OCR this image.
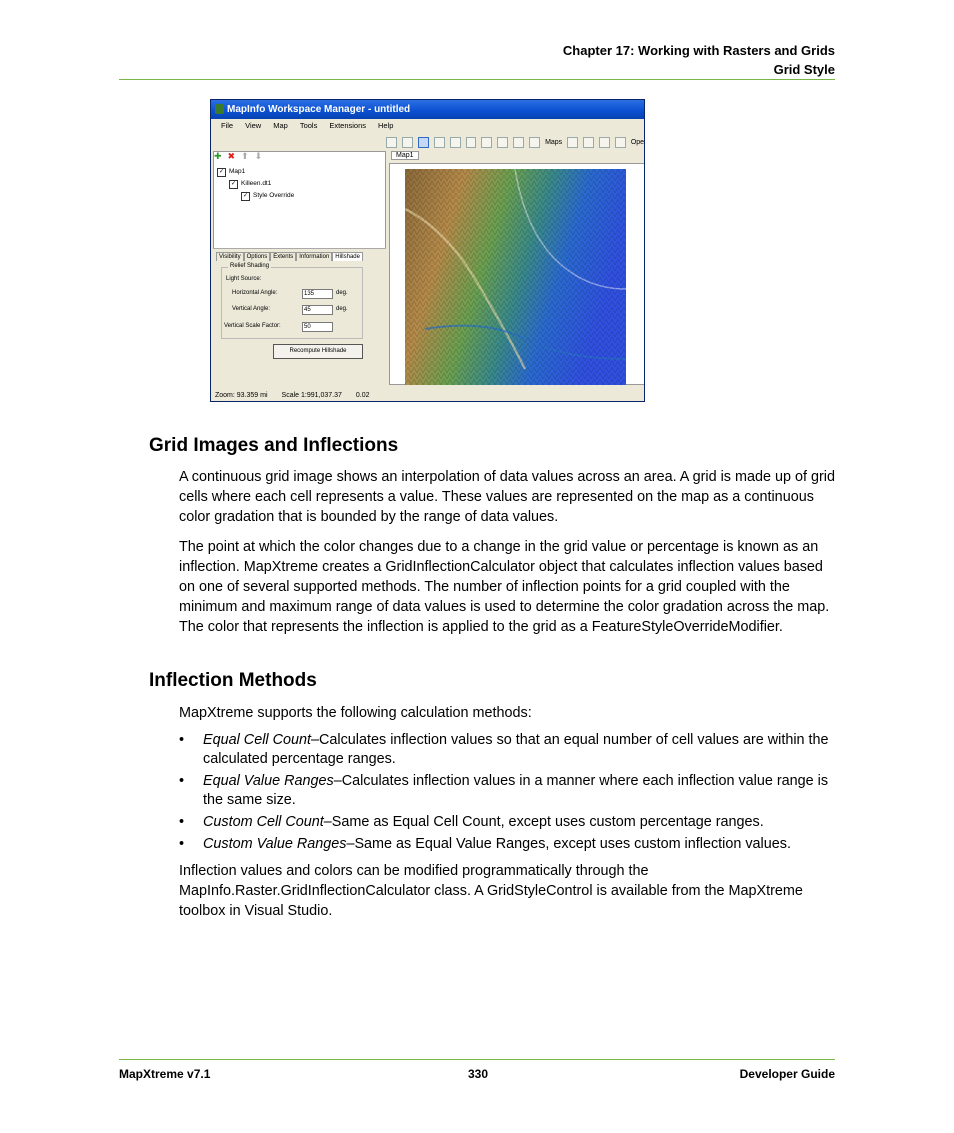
Chapter 17: Working with Rasters and Grids
Grid Style
MapInfo Workspace Manager - untitled
File View Map Tools Extensions Help
Maps	Ope
✚ ✖ ⬆ ⬇
✓ Map1
✓ Killeen.dt1
✓ Style Override
Visibility	Options	Extents	Information	Hillshade
Relief Shading
Light Source:
Horizontal Angle:	135	deg.
Vertical Angle:	45	deg.
Vertical Scale Factor:	50
Recompute Hillshade
Map1
Zoom: 93.359 mi Scale 1:991,037.37 0.02
Grid Images and Inflections

A continuous grid image shows an interpolation of data values across an area. A grid is made up of grid cells where each cell represents a value. These values are represented on the map as a continuous color gradation that is bounded by the range of data values.

The point at which the color changes due to a change in the grid value or percentage is known as an inflection. MapXtreme creates a GridInflectionCalculator object that calculates inflection values based on one of several supported methods. The number of inflection points for a grid coupled with the minimum and maximum range of data values is used to determine the color gradation across the map. The color that represents the inflection is applied to the grid as a FeatureStyleOverrideModifier.

Inflection Methods

MapXtreme supports the following calculation methods:

• Equal Cell Count–Calculates inflection values so that an equal number of cell values are within the calculated percentage ranges.
• Equal Value Ranges–Calculates inflection values in a manner where each inflection value range is the same size.
• Custom Cell Count–Same as Equal Cell Count, except uses custom percentage ranges.
• Custom Value Ranges–Same as Equal Value Ranges, except uses custom inflection values.

Inflection values and colors can be modified programmatically through the MapInfo.Raster.GridInflectionCalculator class. A GridStyleControl is available from the MapXtreme toolbox in Visual Studio.

MapXtreme v7.1	330	Developer Guide
